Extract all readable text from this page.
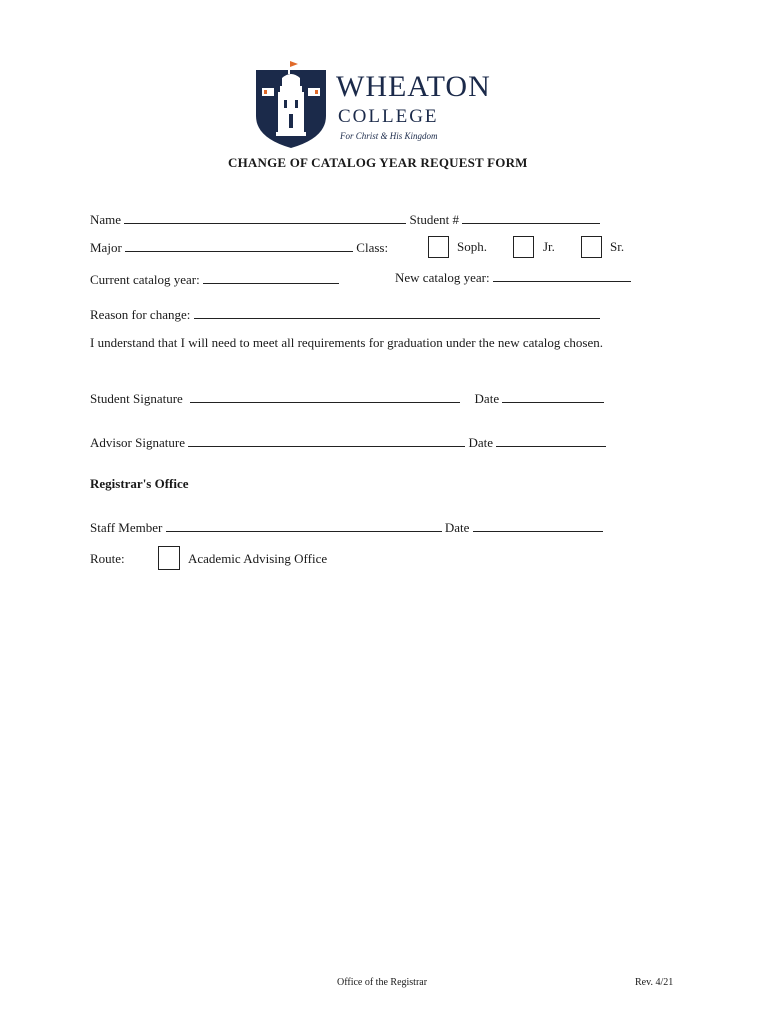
WHEATON
COLLEGE
For Christ & His Kingdom
CHANGE OF CATALOG YEAR REQUEST FORM
Name	Student #
Major	Class:	Soph.	Jr.	Sr.
Current catalog year:	New catalog year:
Reason for change:
I understand that I will need to meet all requirements for graduation under the new catalog chosen.
Student Signature	Date
Advisor Signature	Date
Registrar's Office
Staff Member	Date
Route:	Academic Advising Office
Office of the Registrar	Rev. 4/21
